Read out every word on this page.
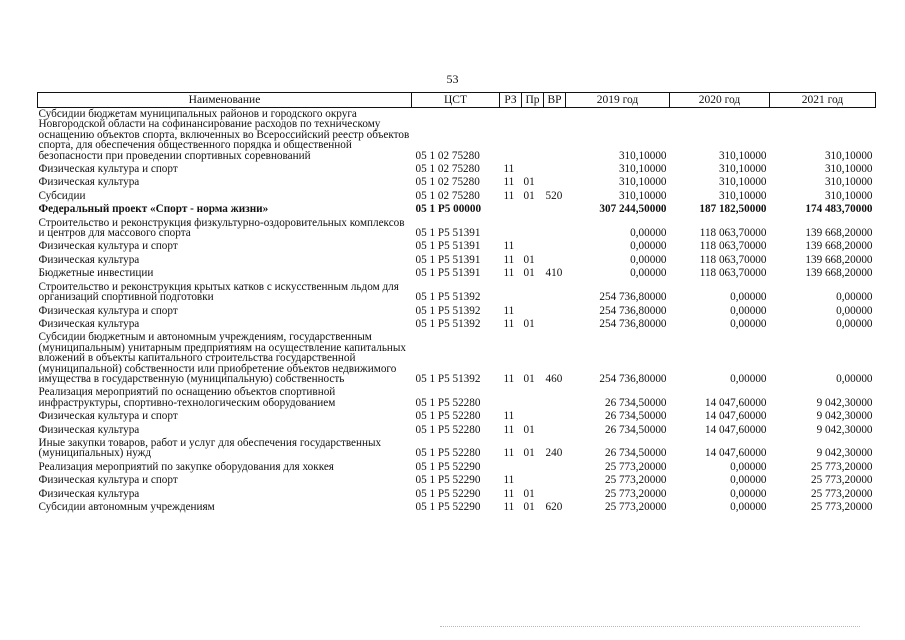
53
Наименование	ЦСТ	РЗ	Пр	ВР	2019 год	2020 год	2021 год
Субсидии бюджетам муниципальных районов и городского округа Новгородской области на софинансирование расходов по техническому оснащению объектов спорта, включенных во Всероссийский реестр объектов спорта, для обеспечения общественного порядка и общественной безопасности при проведении спортивных соревнований	05 1 02 75280				310,10000	310,10000	310,10000
Физическая культура и спорт	05 1 02 75280	11			310,10000	310,10000	310,10000
Физическая культура	05 1 02 75280	11	01		310,10000	310,10000	310,10000
Субсидии	05 1 02 75280	11	01	520	310,10000	310,10000	310,10000
Федеральный проект «Спорт - норма жизни»	05 1 P5 00000				307 244,50000	187 182,50000	174 483,70000
Строительство и реконструкция физкультурно-оздоровительных комплексов и центров для массового спорта	05 1 P5 51391				0,00000	118 063,70000	139 668,20000
Физическая культура и спорт	05 1 P5 51391	11			0,00000	118 063,70000	139 668,20000
Физическая культура	05 1 P5 51391	11	01		0,00000	118 063,70000	139 668,20000
Бюджетные инвестиции	05 1 P5 51391	11	01	410	0,00000	118 063,70000	139 668,20000
Строительство и реконструкция крытых катков с искусственным льдом для организаций спортивной подготовки	05 1 P5 51392				254 736,80000	0,00000	0,00000
Физическая культура и спорт	05 1 P5 51392	11			254 736,80000	0,00000	0,00000
Физическая культура	05 1 P5 51392	11	01		254 736,80000	0,00000	0,00000
Субсидии бюджетным и автономным учреждениям, государственным (муниципальным) унитарным предприятиям на осуществление капитальных вложений в объекты капитального строительства государственной (муниципальной) собственности или приобретение объектов недвижимого имущества в государственную (муниципальную) собственность	05 1 P5 51392	11	01	460	254 736,80000	0,00000	0,00000
Реализация мероприятий по оснащению объектов спортивной инфраструктуры, спортивно-технологическим оборудованием	05 1 P5 52280				26 734,50000	14 047,60000	9 042,30000
Физическая культура и спорт	05 1 P5 52280	11			26 734,50000	14 047,60000	9 042,30000
Физическая культура	05 1 P5 52280	11	01		26 734,50000	14 047,60000	9 042,30000
Иные закупки товаров, работ и услуг для обеспечения государственных (муниципальных) нужд	05 1 P5 52280	11	01	240	26 734,50000	14 047,60000	9 042,30000
Реализация мероприятий по закупке оборудования для хоккея	05 1 P5 52290				25 773,20000	0,00000	25 773,20000
Физическая культура и спорт	05 1 P5 52290	11			25 773,20000	0,00000	25 773,20000
Физическая культура	05 1 P5 52290	11	01		25 773,20000	0,00000	25 773,20000
Субсидии автономным учреждениям	05 1 P5 52290	11	01	620	25 773,20000	0,00000	25 773,20000
